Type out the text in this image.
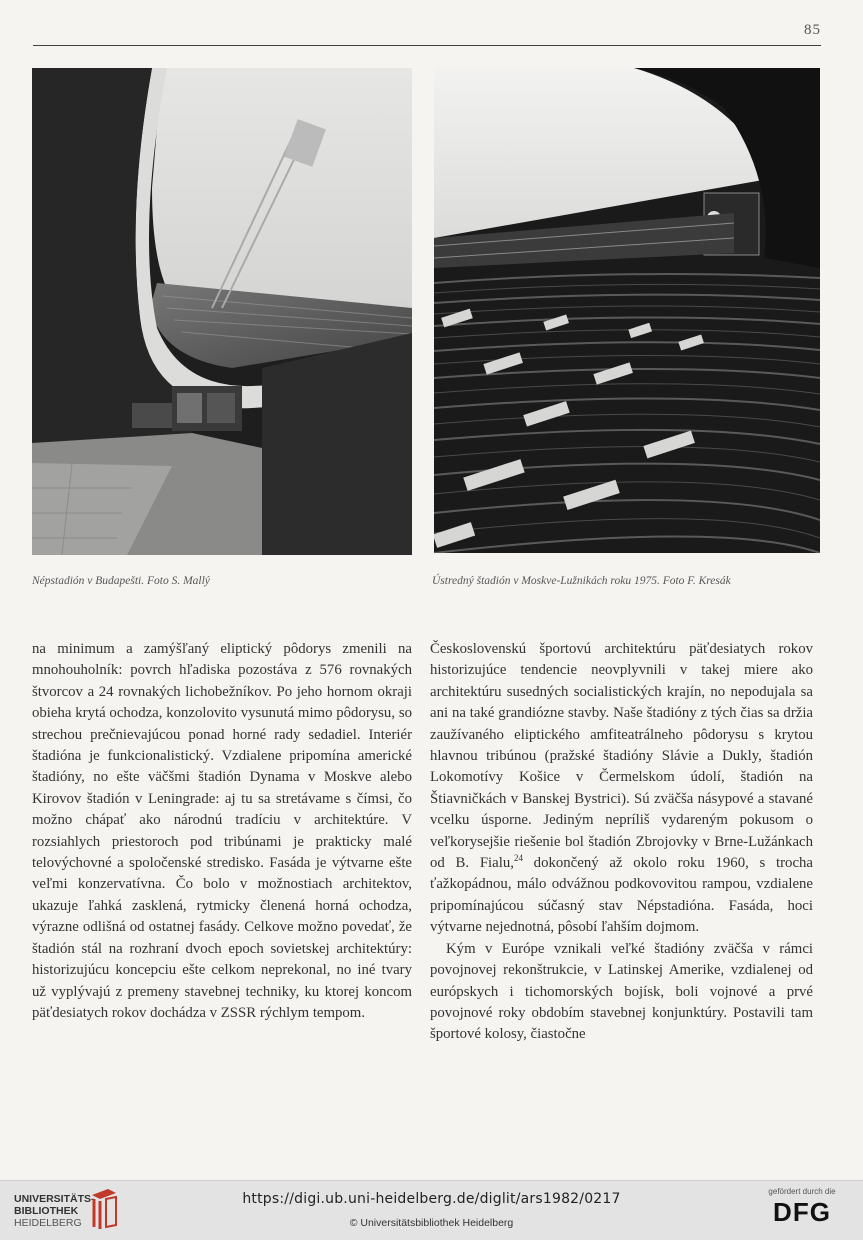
85
Népstadión v Budapešti. Foto S. Mallý	Ústredný štadión v Moskve-Lužnikách roku 1975. Foto F. Kresák

na minimum a zamýšľaný eliptický pôdorys zmenili na mnohouholník: povrch hľadiska pozostáva z 576 rovnakých štvorcov a 24 rovnakých lichobežníkov. Po jeho hornom okraji obieha krytá ochodza, konzolovito vysunutá mimo pôdorysu, so strechou prečnievajúcou ponad horné rady sedadiel. Interiér štadióna je funkcionalistický. Vzdialene pripomína americké štadióny, no ešte väčšmi štadión Dynama v Moskve alebo Kirovov štadión v Leningrade: aj tu sa stretávame s čímsi, čo možno chápať ako národnú tradíciu v architektúre. V rozsiahlych priestoroch pod tribúnami je prakticky malé telovýchovné a spoločenské stredisko. Fasáda je výtvarne ešte veľmi konzervatívna. Čo bolo v možnostiach architektov, ukazuje ľahká zasklená, rytmicky členená horná ochodza, výrazne odlišná od ostatnej fasády. Celkove možno povedať, že štadión stál na rozhraní dvoch epoch sovietskej architektúry: historizujúcu koncepciu ešte celkom neprekonal, no iné tvary už vyplývajú z premeny stavebnej techniky, ku ktorej koncom päťdesiatych rokov dochádza v ZSSR rýchlym tempom.

Československú športovú architektúru päťdesiatych rokov historizujúce tendencie neovplyvnili v takej miere ako architektúru susedných socialistických krajín, no nepodujala sa ani na také grandiózne stavby. Naše štadióny z tých čias sa držia zaužívaného eliptického amfiteatrálneho pôdorysu s krytou hlavnou tribúnou (pražské štadióny Slávie a Dukly, štadión Lokomotívy Košice v Čermelskom údolí, štadión na Štiavničkách v Banskej Bystrici). Sú zväčša násypové a stavané vcelku úsporne. Jediným nepríliš vydareným pokusom o veľkorysejšie riešenie bol štadión Zbrojovky v Brne-Lužánkach od B. Fialu,$^{24}$ dokončený až okolo roku 1960, s trocha ťažkopádnou, málo odvážnou podkovovitou rampou, vzdialene pripomínajúcou súčasný stav Népstadióna. Fasáda, hoci výtvarne nejednotná, pôsobí ľahším dojmom.

Kým v Európe vznikali veľké štadióny zväčša v rámci povojnovej rekonštrukcie, v Latinskej Amerike, vzdialenej od európskych i tichomorských bojísk, boli vojnové a prvé povojnové roky obdobím stavebnej konjunktúry. Postavili tam športové kolosy, čiastočne

UNIVERSITÄTS-
BIBLIOTHEK
HEIDELBERG
https://digi.ub.uni-heidelberg.de/diglit/ars1982/0217
© Universitätsbibliothek Heidelberg
gefördert durch die
DFG
